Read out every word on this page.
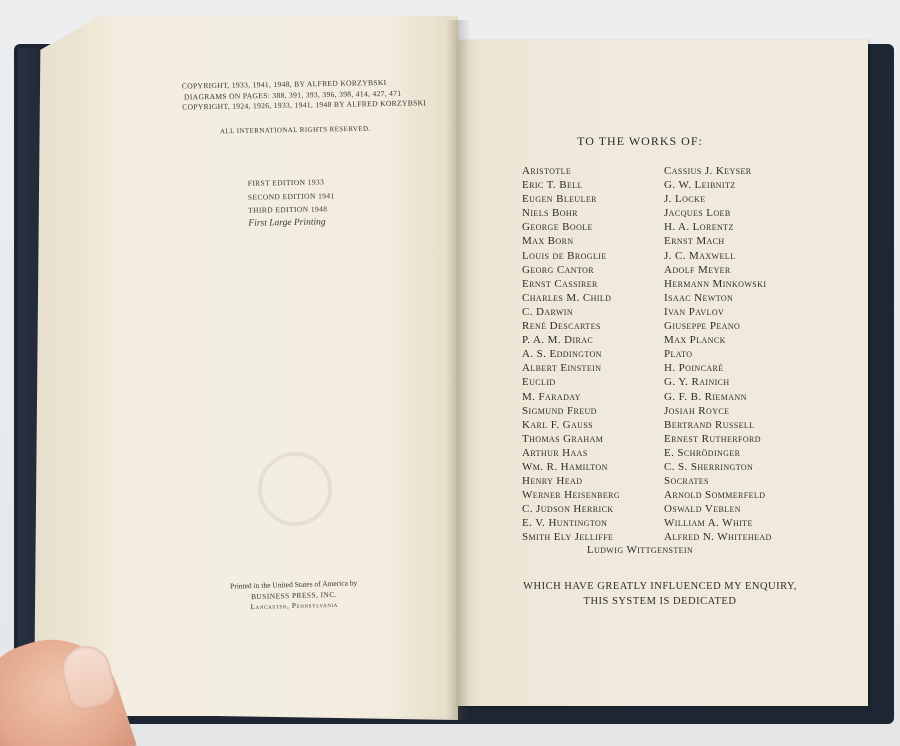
COPYRIGHT, 1933, 1941, 1948, BY ALFRED KORZYBSKI
DIAGRAMS ON PAGES: 388, 391, 393, 396, 398, 414, 427, 471
COPYRIGHT, 1924, 1926, 1933, 1941, 1948 BY ALFRED KORZYBSKI
ALL INTERNATIONAL RIGHTS RESERVED.
FIRST EDITION 1933
SECOND EDITION 1941
THIRD EDITION 1948
First Large Printing
Printed in the United States of America by
BUSINESS PRESS, INC.
Lancaster, Pennsylvania
TO THE WORKS OF:
Aristotle
Eric T. Bell
Eugen Bleuler
Niels Bohr
George Boole
Max Born
Louis de Broglie
Georg Cantor
Ernst Cassirer
Charles M. Child
C. Darwin
René Descartes
P. A. M. Dirac
A. S. Eddington
Albert Einstein
Euclid
M. Faraday
Sigmund Freud
Karl F. Gauss
Thomas Graham
Arthur Haas
Wm. R. Hamilton
Henry Head
Werner Heisenberg
C. Judson Herrick
E. V. Huntington
Smith Ely Jelliffe
Cassius J. Keyser
G. W. Leibnitz
J. Locke
Jacques Loeb
H. A. Lorentz
Ernst Mach
J. C. Maxwell
Adolf Meyer
Hermann Minkowski
Isaac Newton
Ivan Pavlov
Giuseppe Peano
Max Planck
Plato
H. Poincaré
G. Y. Rainich
G. F. B. Riemann
Josiah Royce
Bertrand Russell
Ernest Rutherford
E. Schrödinger
C. S. Sherrington
Socrates
Arnold Sommerfeld
Oswald Veblen
William A. White
Alfred N. Whitehead
Ludwig Wittgenstein
WHICH HAVE GREATLY INFLUENCED MY ENQUIRY,
THIS SYSTEM IS DEDICATED
